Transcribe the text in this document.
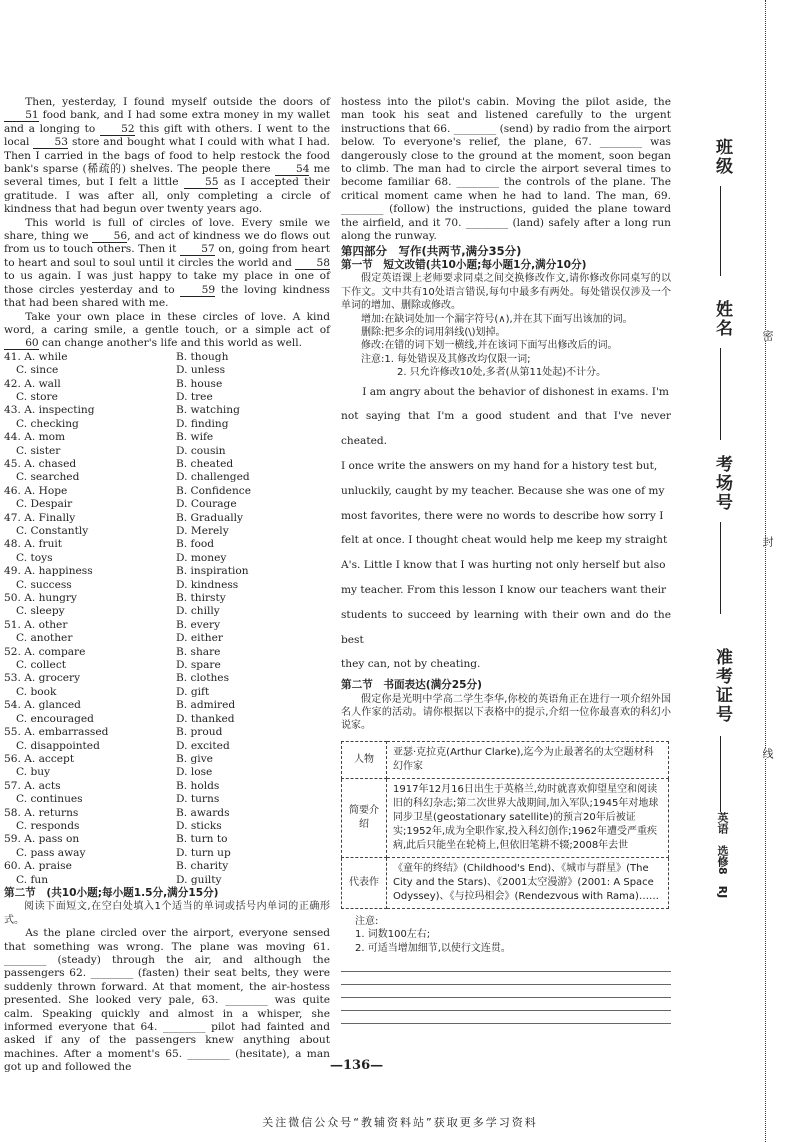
Then, yesterday, I found myself outside the doors of 51 food bank, and I had some extra money in my wallet and a longing to 52 this gift with others. I went to the local 53 store and bought what I could with what I had. Then I carried in the bags of food to help restock the food bank's sparse (稀疏的) shelves. The people there 54 me several times, but I felt a little 55 as I accepted their gratitude. I was after all, only completing a circle of kindness that had begun over twenty years ago.

This world is full of circles of love. Every smile we share, thing we 56, and act of kindness we do flows out from us to touch others. Then it 57 on, going from heart to heart and soul to soul until it circles the world and 58 to us again. I was just happy to take my place in one of those circles yesterday and to 59 the loving kindness that had been shared with me.

Take your own place in these circles of love. A kind word, a caring smile, a gentle touch, or a simple act of 60 can change another's life and this world as well.

41. A. while	B. though
C. since	D. unless
42. A. wall	B. house
C. store	D. tree
43. A. inspecting	B. watching
C. checking	D. finding
44. A. mom	B. wife
C. sister	D. cousin
45. A. chased	B. cheated
C. searched	D. challenged
46. A. Hope	B. Confidence
C. Despair	D. Courage
47. A. Finally	B. Gradually
C. Constantly	D. Merely
48. A. fruit	B. food
C. toys	D. money
49. A. happiness	B. inspiration
C. success	D. kindness
50. A. hungry	B. thirsty
C. sleepy	D. chilly
51. A. other	B. every
C. another	D. either
52. A. compare	B. share
C. collect	D. spare
53. A. grocery	B. clothes
C. book	D. gift
54. A. glanced	B. admired
C. encouraged	D. thanked
55. A. embarrassed	B. proud
C. disappointed	D. excited
56. A. accept	B. give
C. buy	D. lose
57. A. acts	B. holds
C. continues	D. turns
58. A. returns	B. awards
C. responds	D. sticks
59. A. pass on	B. turn to
C. pass away	D. turn up
60. A. praise	B. charity
C. fun	D. guilty
第二节　(共10小题;每小题1.5分,满分15分)

阅读下面短文,在空白处填入1个适当的单词或括号内单词的正确形式。

As the plane circled over the airport, everyone sensed that something was wrong. The plane was moving 61. ________ (steady) through the air, and although the passengers 62. ________ (fasten) their seat belts, they were suddenly thrown forward. At that moment, the air-hostess presented. She looked very pale, 63. ________ was quite calm. Speaking quickly and almost in a whisper, she informed everyone that 64. ________ pilot had fainted and asked if any of the passengers knew anything about machines. After a moment's 65. ________ (hesitate), a man got up and followed the

hostess into the pilot's cabin. Moving the pilot aside, the man took his seat and listened carefully to the urgent instructions that 66. ________ (send) by radio from the airport below. To everyone's relief, the plane, 67. ________ was dangerously close to the ground at the moment, soon began to climb. The man had to circle the airport several times to become familiar 68. ________ the controls of the plane. The critical moment came when he had to land. The man, 69. ________ (follow) the instructions, guided the plane toward the airfield, and it 70. ________ (land) safely after a long run along the runway.

第四部分　写作(共两节,满分35分)
第一节　短文改错(共10小题;每小题1分,满分10分)

假定英语课上老师要求同桌之间交换修改作文,请你修改你同桌写的以下作文。文中共有10处语言错误,每句中最多有两处。每处错误仅涉及一个单词的增加、删除或修改。

增加:在缺词处加一个漏字符号(∧),并在其下面写出该加的词。

删除:把多余的词用斜线(\)划掉。

修改:在错的词下划一横线,并在该词下面写出修改后的词。

注意:1. 每处错误及其修改均仅限一词;

2. 只允许修改10处,多者(从第11处起)不计分。

I am angry about the behavior of dishonest in exams. I'm

not saying that I'm a good student and that I've never cheated.

I once write the answers on my hand for a history test but,

unluckily, caught by my teacher. Because she was one of my

most favorites, there were no words to describe how sorry I

felt at once. I thought cheat would help me keep my straight

A's. Little I know that I was hurting not only herself but also

my teacher. From this lesson I know our teachers want their

students to succeed by learning with their own and do the best

they can, not by cheating.

第二节　书面表达(满分25分)

假定你是光明中学高二学生李华,你校的英语角正在进行一项介绍外国名人作家的活动。请你根据以下表格中的提示,介绍一位你最喜欢的科幻小说家。

人物	亚瑟·克拉克(Arthur Clarke),迄今为止最著名的太空题材科幻作家
简要介绍	1917年12月16日出生于英格兰,幼时就喜欢仰望星空和阅读旧的科幻杂志;第二次世界大战期间,加入军队;1945年对地球同步卫星(geostationary satellite)的预言20年后被证实;1952年,成为全职作家,投入科幻创作;1962年遭受严重疾病,此后只能坐在轮椅上,但依旧笔耕不辍;2008年去世
代表作	《童年的终结》(Childhood's End)、《城市与群星》(The City and the Stars)、《2001太空漫游》(2001: A Space Odyssey)、《与拉玛相会》(Rendezvous with Rama)……
注意:
1. 词数100左右;
2. 可适当增加细节,以使行文连贯。
—136—
关注微信公众号“教辅资料站”获取更多学习资料
班级
姓名	密
考场号
封
准考证号
线
英语　选修8　RJ
